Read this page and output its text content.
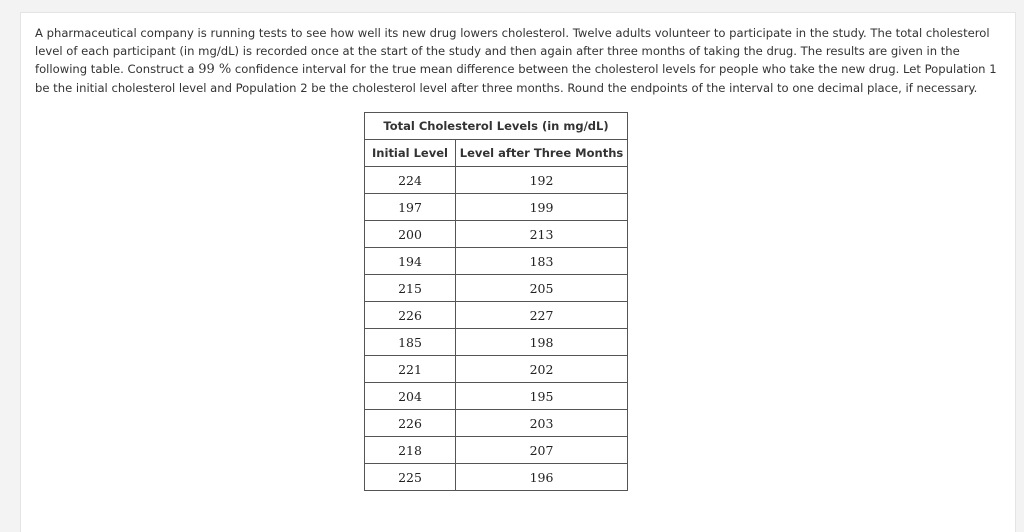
A pharmaceutical company is running tests to see how well its new drug lowers cholesterol. Twelve adults volunteer to participate in the study. The total cholesterol level of each participant (in mg/dL) is recorded once at the start of the study and then again after three months of taking the drug. The results are given in the following table. Construct a 99 % confidence interval for the true mean difference between the cholesterol levels for people who take the new drug. Let Population 1 be the initial cholesterol level and Population 2 be the cholesterol level after three months. Round the endpoints of the interval to one decimal place, if necessary.

Total Cholesterol Levels (in mg/dL)	
Initial Level	Level after Three Months
224	192
197	199
200	213
194	183
215	205
226	227
185	198
221	202
204	195
226	203
218	207
225	196
